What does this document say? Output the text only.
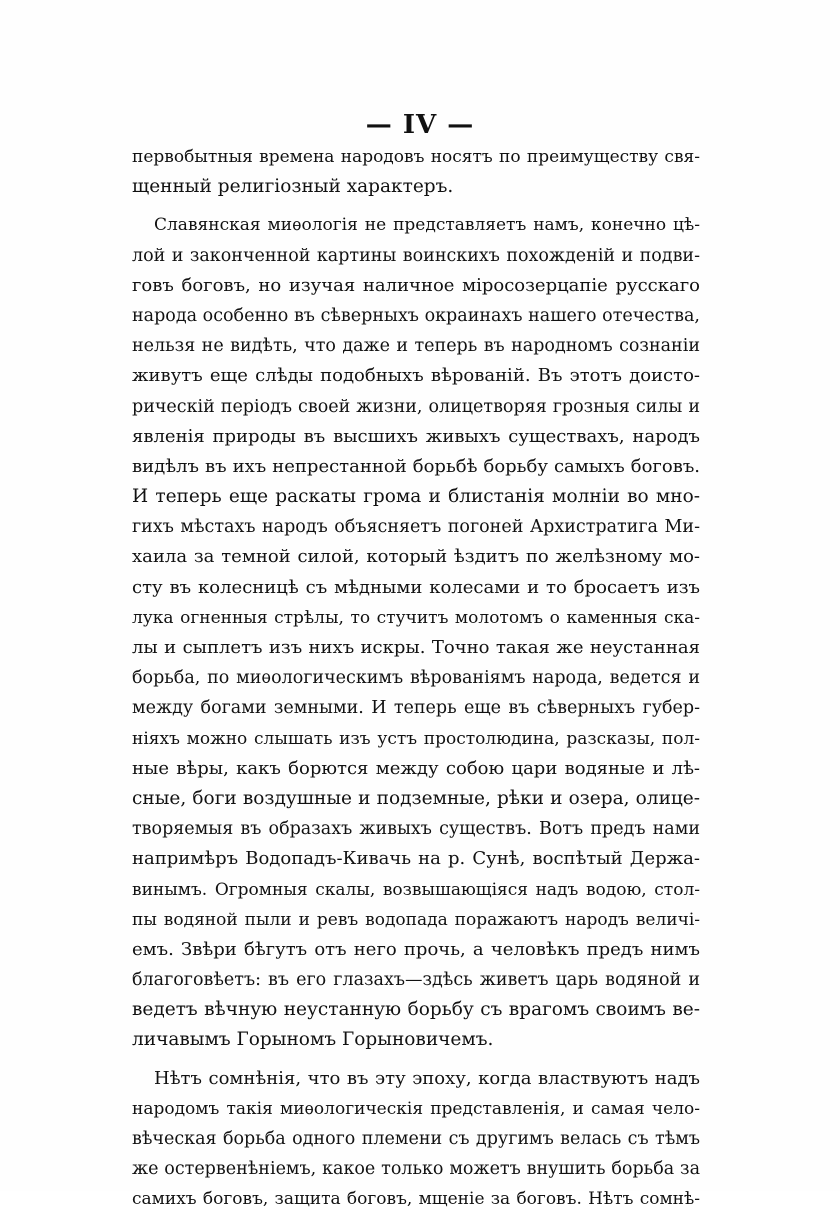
— IV —
первобытныя времена народовъ носятъ по преимуществу свя-
щенный религіозный характеръ.
Славянская миѳологія не представляетъ намъ, конечно цѣ-
лой и законченной картины воинскихъ похожденій и подви-
говъ боговъ, но изучая наличное міросозерцапіе русскаго
народа особенно въ сѣверныхъ окраинахъ нашего отечества,
нельзя не видѣть, что даже и теперь въ народномъ сознаніи
живутъ еще слѣды подобныхъ вѣрованій. Въ этотъ доисто-
рическій періодъ своей жизни, олицетворяя грозныя силы и
явленія природы въ высшихъ живыхъ существахъ, народъ
видѣлъ въ ихъ непрестанной борьбѣ борьбу самыхъ боговъ.
И теперь еще раскаты грома и блистанія молніи во мно-
гихъ мѣстахъ народъ объясняетъ погоней Архистратига Ми-
хаила за темной силой, который ѣздитъ по желѣзному мо-
сту въ колесницѣ съ мѣдными колесами и то бросаетъ изъ
лука огненныя стрѣлы, то стучитъ молотомъ о каменныя ска-
лы и сыплетъ изъ нихъ искры. Точно такая же неустанная
борьба, по миѳологическимъ вѣрованіямъ народа, ведется и
между богами земными. И теперь еще въ сѣверныхъ губер-
ніяхъ можно слышать изъ устъ простолюдина, разсказы, пол-
ные вѣры, какъ борются между собою цари водяные и лѣ-
сные, боги воздушные и подземные, рѣки и озера, олице-
творяемыя въ образахъ живыхъ существъ. Вотъ предъ нами
напримѣръ Водопадъ-Кивачь на р. Сунѣ, воспѣтый Держа-
винымъ. Огромныя скалы, возвышающіяся надъ водою, стол-
пы водяной пыли и ревъ водопада поражаютъ народъ величі-
емъ. Звѣри бѣгутъ отъ него прочь, а человѣкъ предъ нимъ
благоговѣетъ: въ его глазахъ—здѣсь живетъ царь водяной и
ведетъ вѣчную неустанную борьбу съ врагомъ своимъ ве-
личавымъ Горыномъ Горыновичемъ.
Нѣтъ сомнѣнія, что въ эту эпоху, когда властвуютъ надъ
народомъ такія миѳологическія представленія, и самая чело-
вѣческая борьба одного племени съ другимъ велась съ тѣмъ
же остервенѣніемъ, какое только можетъ внушить борьба за
самихъ боговъ, защита боговъ, мщеніе за боговъ. Нѣтъ сомнѣ-
